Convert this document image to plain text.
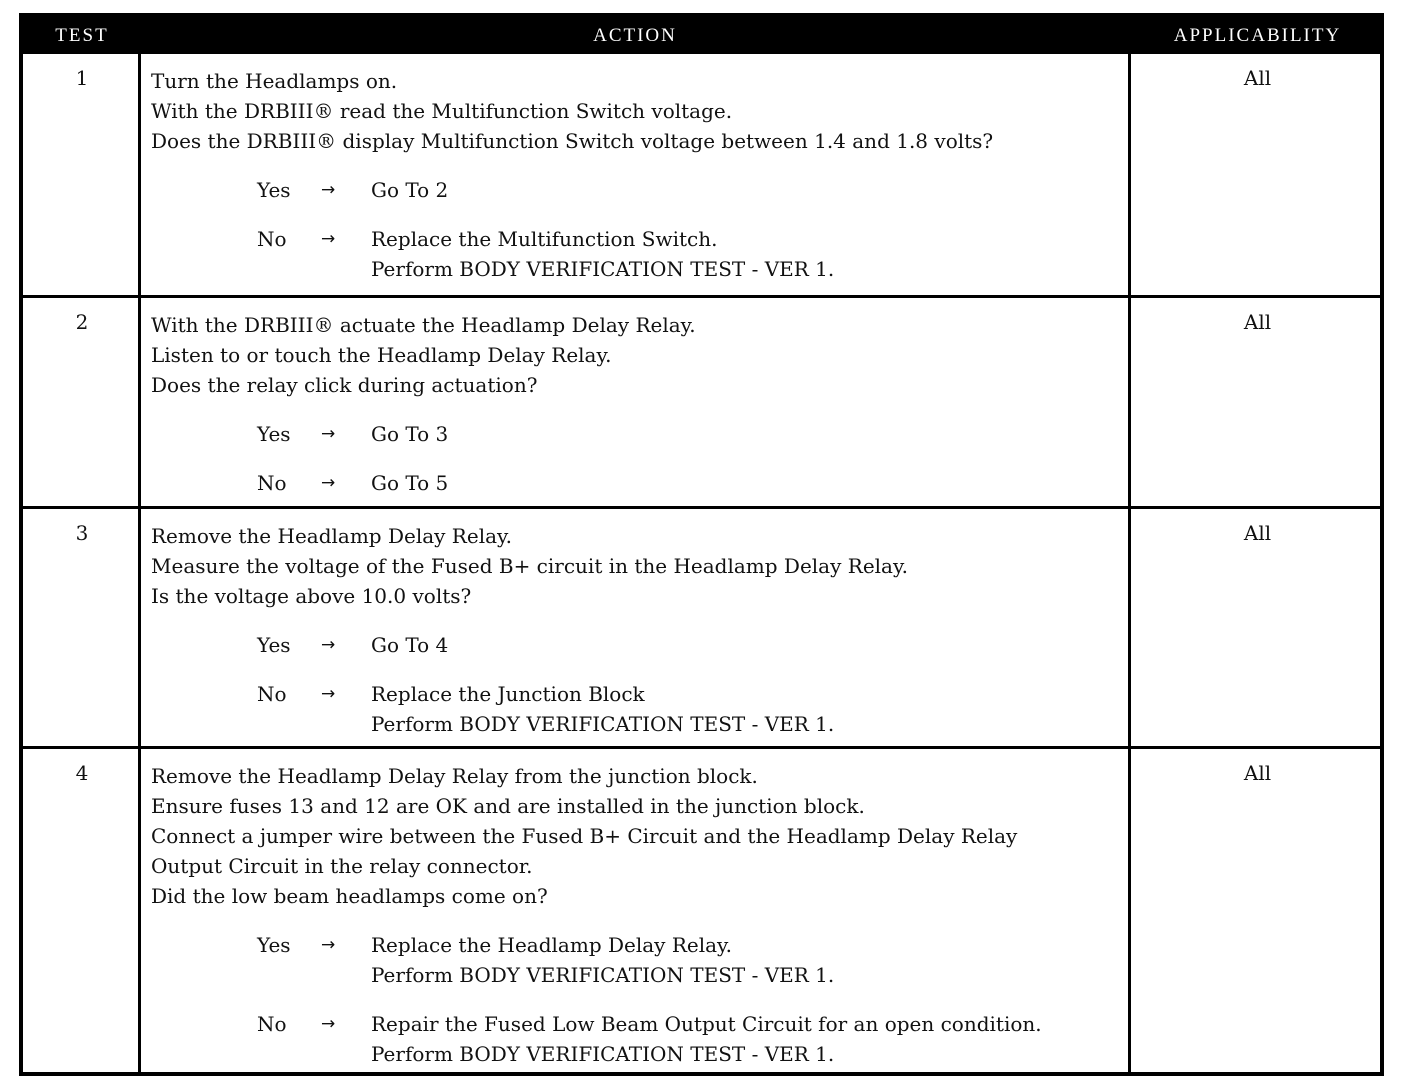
TEST	ACTION	APPLICABILITY
1	Turn the Headlamps on.
With the DRBIII® read the Multifunction Switch voltage.
Does the DRBIII® display Multifunction Switch voltage between 1.4 and 1.8 volts?
Yes → Go To 2
No → Replace the Multifunction Switch.
Perform BODY VERIFICATION TEST - VER 1.
All
2	With the DRBIII® actuate the Headlamp Delay Relay.
Listen to or touch the Headlamp Delay Relay.
Does the relay click during actuation?
Yes → Go To 3
No → Go To 5
All
3	Remove the Headlamp Delay Relay.
Measure the voltage of the Fused B+ circuit in the Headlamp Delay Relay.
Is the voltage above 10.0 volts?
Yes → Go To 4
No → Replace the Junction Block
Perform BODY VERIFICATION TEST - VER 1.
All
4	Remove the Headlamp Delay Relay from the junction block.
Ensure fuses 13 and 12 are OK and are installed in the junction block.
Connect a jumper wire between the Fused B+ Circuit and the Headlamp Delay Relay
Output Circuit in the relay connector.
Did the low beam headlamps come on?
Yes → Replace the Headlamp Delay Relay.
Perform BODY VERIFICATION TEST - VER 1.
No → Repair the Fused Low Beam Output Circuit for an open condition.
Perform BODY VERIFICATION TEST - VER 1.
All
